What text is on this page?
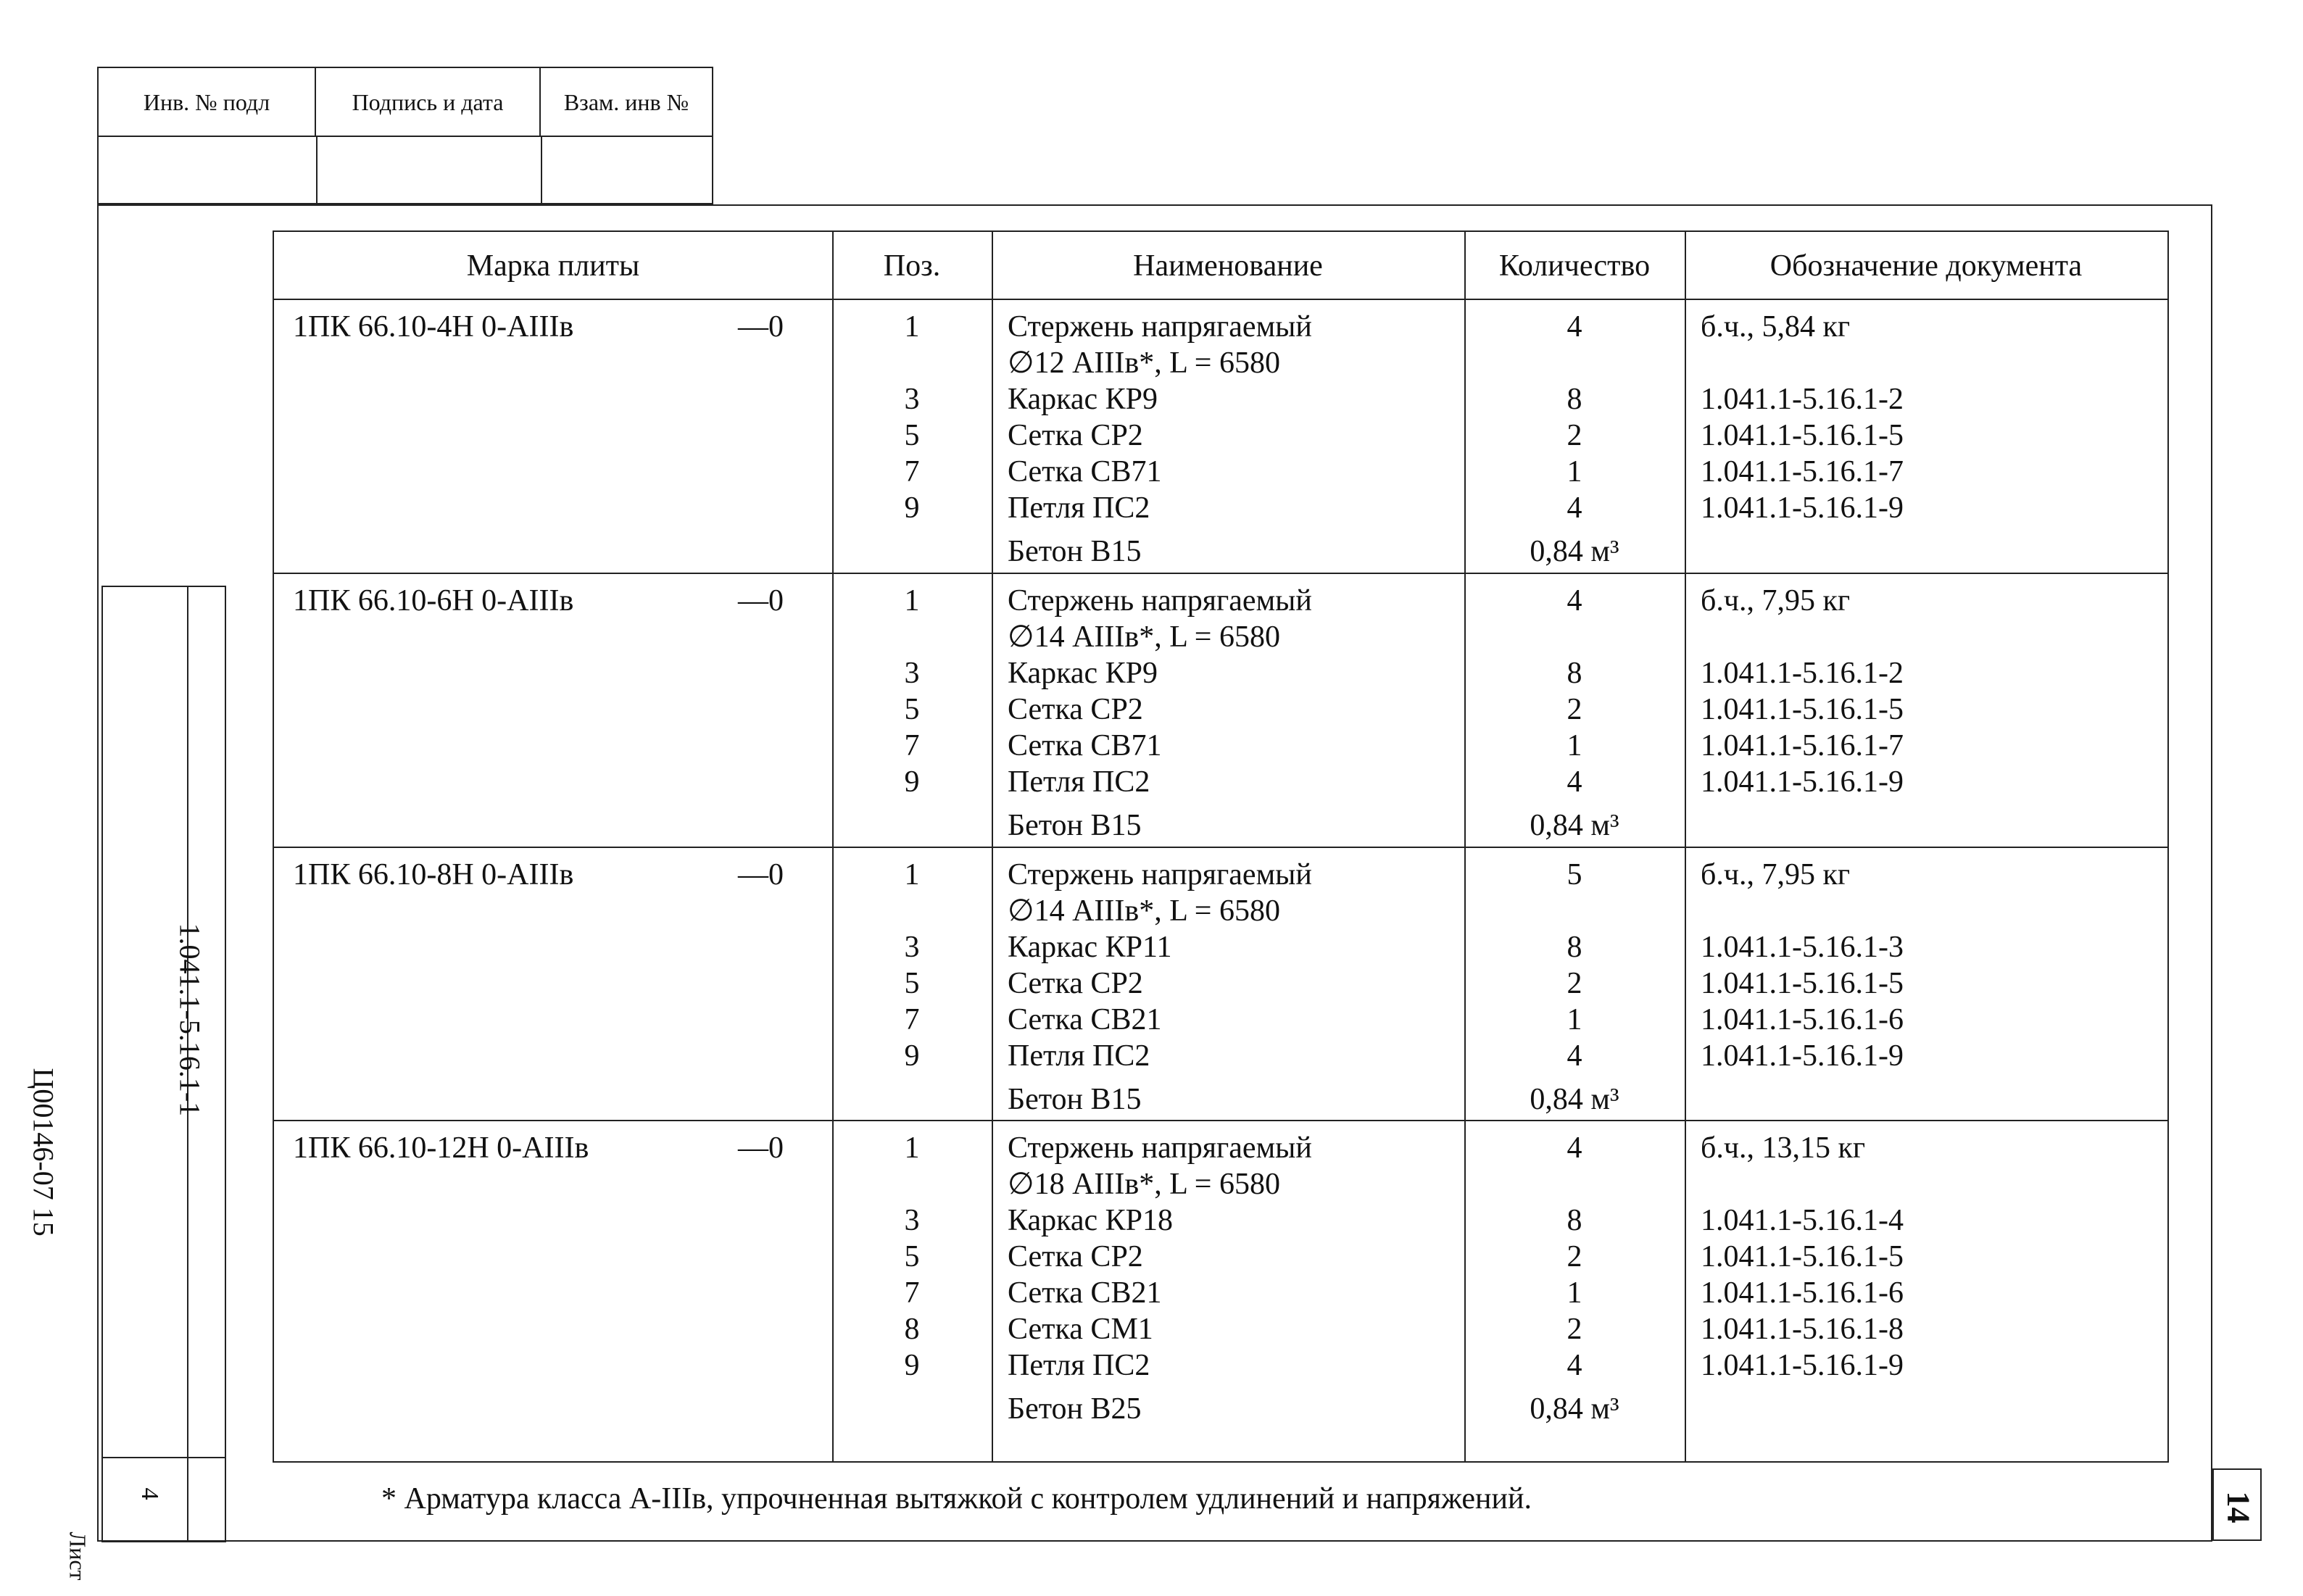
Инв. № подл	Подпись и дата	Взам. инв №
1.041.1-5.16.1-1
Лист
4
Ц00146-07 15
14
Марка плиты	Поз.	Наименование	Количество	Обозначение документа
1ПК 66.10-4Н 0-АIIIв	—0	1	Стержень напрягаемый	4	б.ч., 5,84 кг
∅12 АIIIв*, L = 6580
3	Каркас КР9	8	1.041.1-5.16.1-2
5	Сетка СР2	2	1.041.1-5.16.1-5
7	Сетка СВ71	1	1.041.1-5.16.1-7
9	Петля ПС2	4	1.041.1-5.16.1-9
Бетон В15	0,84 м³
1ПК 66.10-6Н 0-АIIIв	—0	1	Стержень напрягаемый	4	б.ч., 7,95 кг
∅14 АIIIв*, L = 6580
3	Каркас КР9	8	1.041.1-5.16.1-2
5	Сетка СР2	2	1.041.1-5.16.1-5
7	Сетка СВ71	1	1.041.1-5.16.1-7
9	Петля ПС2	4	1.041.1-5.16.1-9
Бетон В15	0,84 м³
1ПК 66.10-8Н 0-АIIIв	—0	1	Стержень напрягаемый	5	б.ч., 7,95 кг
∅14 АIIIв*, L = 6580
3	Каркас КР11	8	1.041.1-5.16.1-3
5	Сетка СР2	2	1.041.1-5.16.1-5
7	Сетка СВ21	1	1.041.1-5.16.1-6
9	Петля ПС2	4	1.041.1-5.16.1-9
Бетон В15	0,84 м³
1ПК 66.10-12Н 0-АIIIв	—0	1	Стержень напрягаемый	4	б.ч., 13,15 кг
∅18 АIIIв*, L = 6580
3	Каркас КР18	8	1.041.1-5.16.1-4
5	Сетка СР2	2	1.041.1-5.16.1-5
7	Сетка СВ21	1	1.041.1-5.16.1-6
8	Сетка СМ1	2	1.041.1-5.16.1-8
9	Петля ПС2	4	1.041.1-5.16.1-9
Бетон В25	0,84 м³
* Арматура класса А-IIIв, упрочненная вытяжкой с контролем удлинений и напряжений.
